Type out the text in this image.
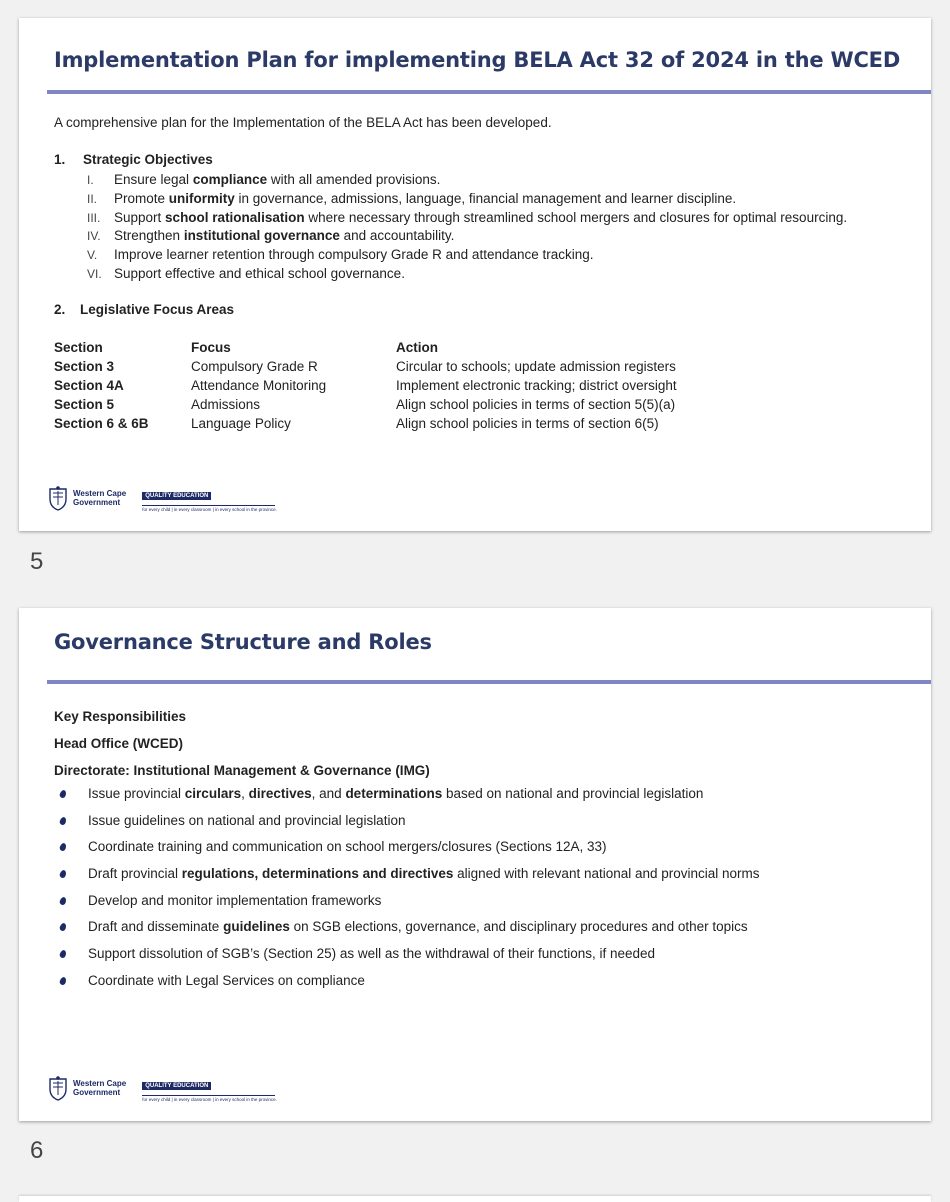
Implementation Plan for implementing BELA Act 32 of 2024 in the WCED
A comprehensive plan for the Implementation of the BELA Act has been developed.
1. Strategic Objectives
I. Ensure legal compliance with all amended provisions.
II. Promote uniformity in governance, admissions, language, financial management and learner discipline.
III. Support school rationalisation where necessary through streamlined school mergers and closures for optimal resourcing.
IV. Strengthen institutional governance and accountability.
V. Improve learner retention through compulsory Grade R and attendance tracking.
VI. Support effective and ethical school governance.
2. Legislative Focus Areas
Section	Focus	Action
Section 3	Compulsory Grade R	Circular to schools; update admission registers
Section 4A	Attendance Monitoring	Implement electronic tracking; district oversight
Section 5	Admissions	Align school policies in terms of section 5(5)(a)
Section 6 & 6B	Language Policy	Align school policies in terms of section 6(5)
Western Cape
Government
QUALITY EDUCATION
for every child | in every classroom | in every school in the province.
5
Governance Structure and Roles
Key Responsibilities
Head Office (WCED)
Directorate: Institutional Management & Governance (IMG)
Issue provincial circulars, directives, and determinations based on national and provincial legislation
Issue guidelines on national and provincial legislation
Coordinate training and communication on school mergers/closures (Sections 12A, 33)
Draft provincial regulations, determinations and directives aligned with relevant national and provincial norms
Develop and monitor implementation frameworks
Draft and disseminate guidelines on SGB elections, governance, and disciplinary procedures and other topics
Support dissolution of SGB’s (Section 25) as well as the withdrawal of their functions, if needed
Coordinate with Legal Services on compliance
Western Cape
Government
QUALITY EDUCATION
for every child | in every classroom | in every school in the province.
6
